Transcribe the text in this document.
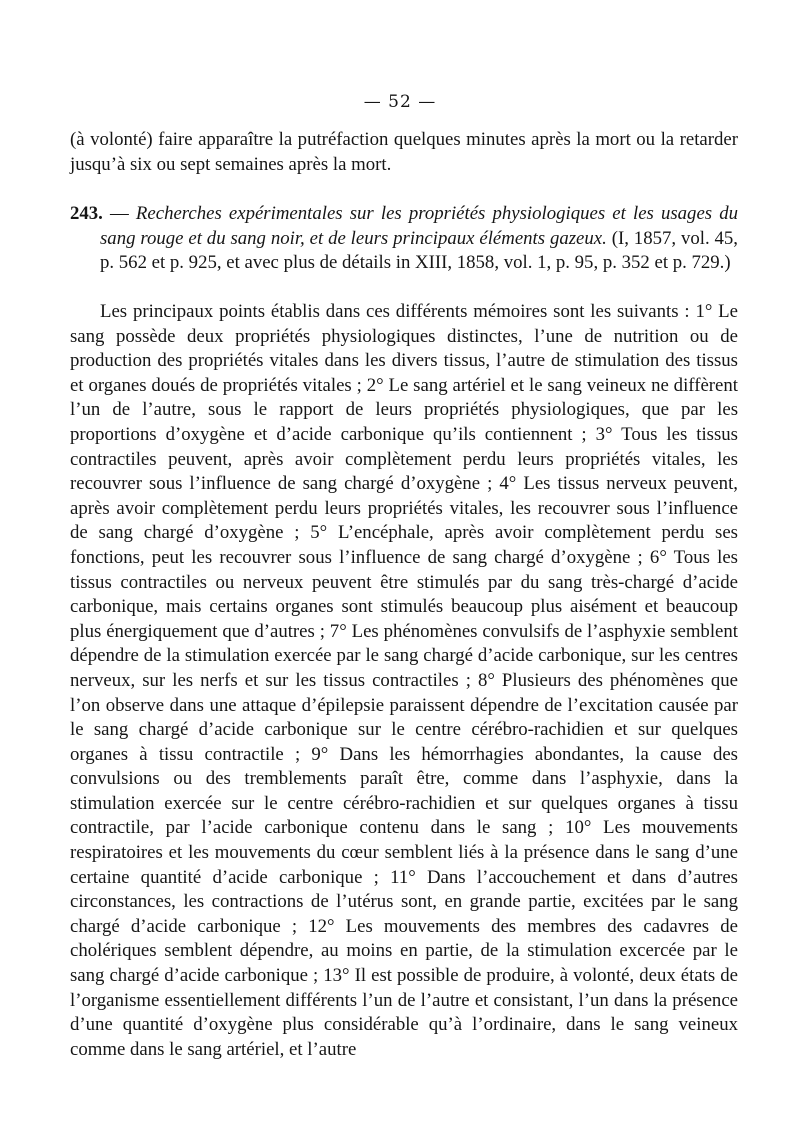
— 52 —

(à volonté) faire apparaître la putréfaction quelques minutes après la mort ou la retarder jusqu’à six ou sept semaines après la mort.

243. — Recherches expérimentales sur les propriétés physiologiques et les usages du sang rouge et du sang noir, et de leurs principaux éléments gazeux. (I, 1857, vol. 45, p. 562 et p. 925, et avec plus de détails in XIII, 1858, vol. 1, p. 95, p. 352 et p. 729.)

Les principaux points établis dans ces différents mémoires sont les suivants : 1° Le sang possède deux propriétés physiologiques distinctes, l’une de nutrition ou de production des propriétés vitales dans les divers tissus, l’autre de stimulation des tissus et organes doués de propriétés vitales ; 2° Le sang artériel et le sang veineux ne diffèrent l’un de l’autre, sous le rapport de leurs propriétés physiologiques, que par les proportions d’oxygène et d’acide carbonique qu’ils contiennent ; 3° Tous les tissus contractiles peuvent, après avoir complètement perdu leurs propriétés vitales, les recouvrer sous l’influence de sang chargé d’oxygène ; 4° Les tissus nerveux peuvent, après avoir complètement perdu leurs propriétés vitales, les recouvrer sous l’influence de sang chargé d’oxygène ; 5° L’encéphale, après avoir complètement perdu ses fonctions, peut les recouvrer sous l’influence de sang chargé d’oxygène ; 6° Tous les tissus contractiles ou nerveux peuvent être stimulés par du sang très-chargé d’acide carbonique, mais certains organes sont stimulés beaucoup plus aisément et beaucoup plus énergiquement que d’autres ; 7° Les phénomènes convulsifs de l’asphyxie semblent dépendre de la stimulation exercée par le sang chargé d’acide carbonique, sur les centres nerveux, sur les nerfs et sur les tissus contractiles ; 8° Plusieurs des phénomènes que l’on observe dans une attaque d’épilepsie paraissent dépendre de l’excitation causée par le sang chargé d’acide carbonique sur le centre cérébro-rachidien et sur quelques organes à tissu contractile ; 9° Dans les hémorrhagies abondantes, la cause des convulsions ou des tremblements paraît être, comme dans l’asphyxie, dans la stimulation exercée sur le centre cérébro-rachidien et sur quelques organes à tissu contractile, par l’acide carbonique contenu dans le sang ; 10° Les mouvements respiratoires et les mouvements du cœur semblent liés à la présence dans le sang d’une certaine quantité d’acide carbonique ; 11° Dans l’accouchement et dans d’autres circonstances, les contractions de l’utérus sont, en grande partie, excitées par le sang chargé d’acide carbonique ; 12° Les mouvements des membres des cadavres de cholériques semblent dépendre, au moins en partie, de la stimulation excercée par le sang chargé d’acide carbonique ; 13° Il est possible de produire, à volonté, deux états de l’organisme essentiellement différents l’un de l’autre et consistant, l’un dans la présence d’une quantité d’oxygène plus considérable qu’à l’ordinaire, dans le sang veineux comme dans le sang artériel, et l’autre
